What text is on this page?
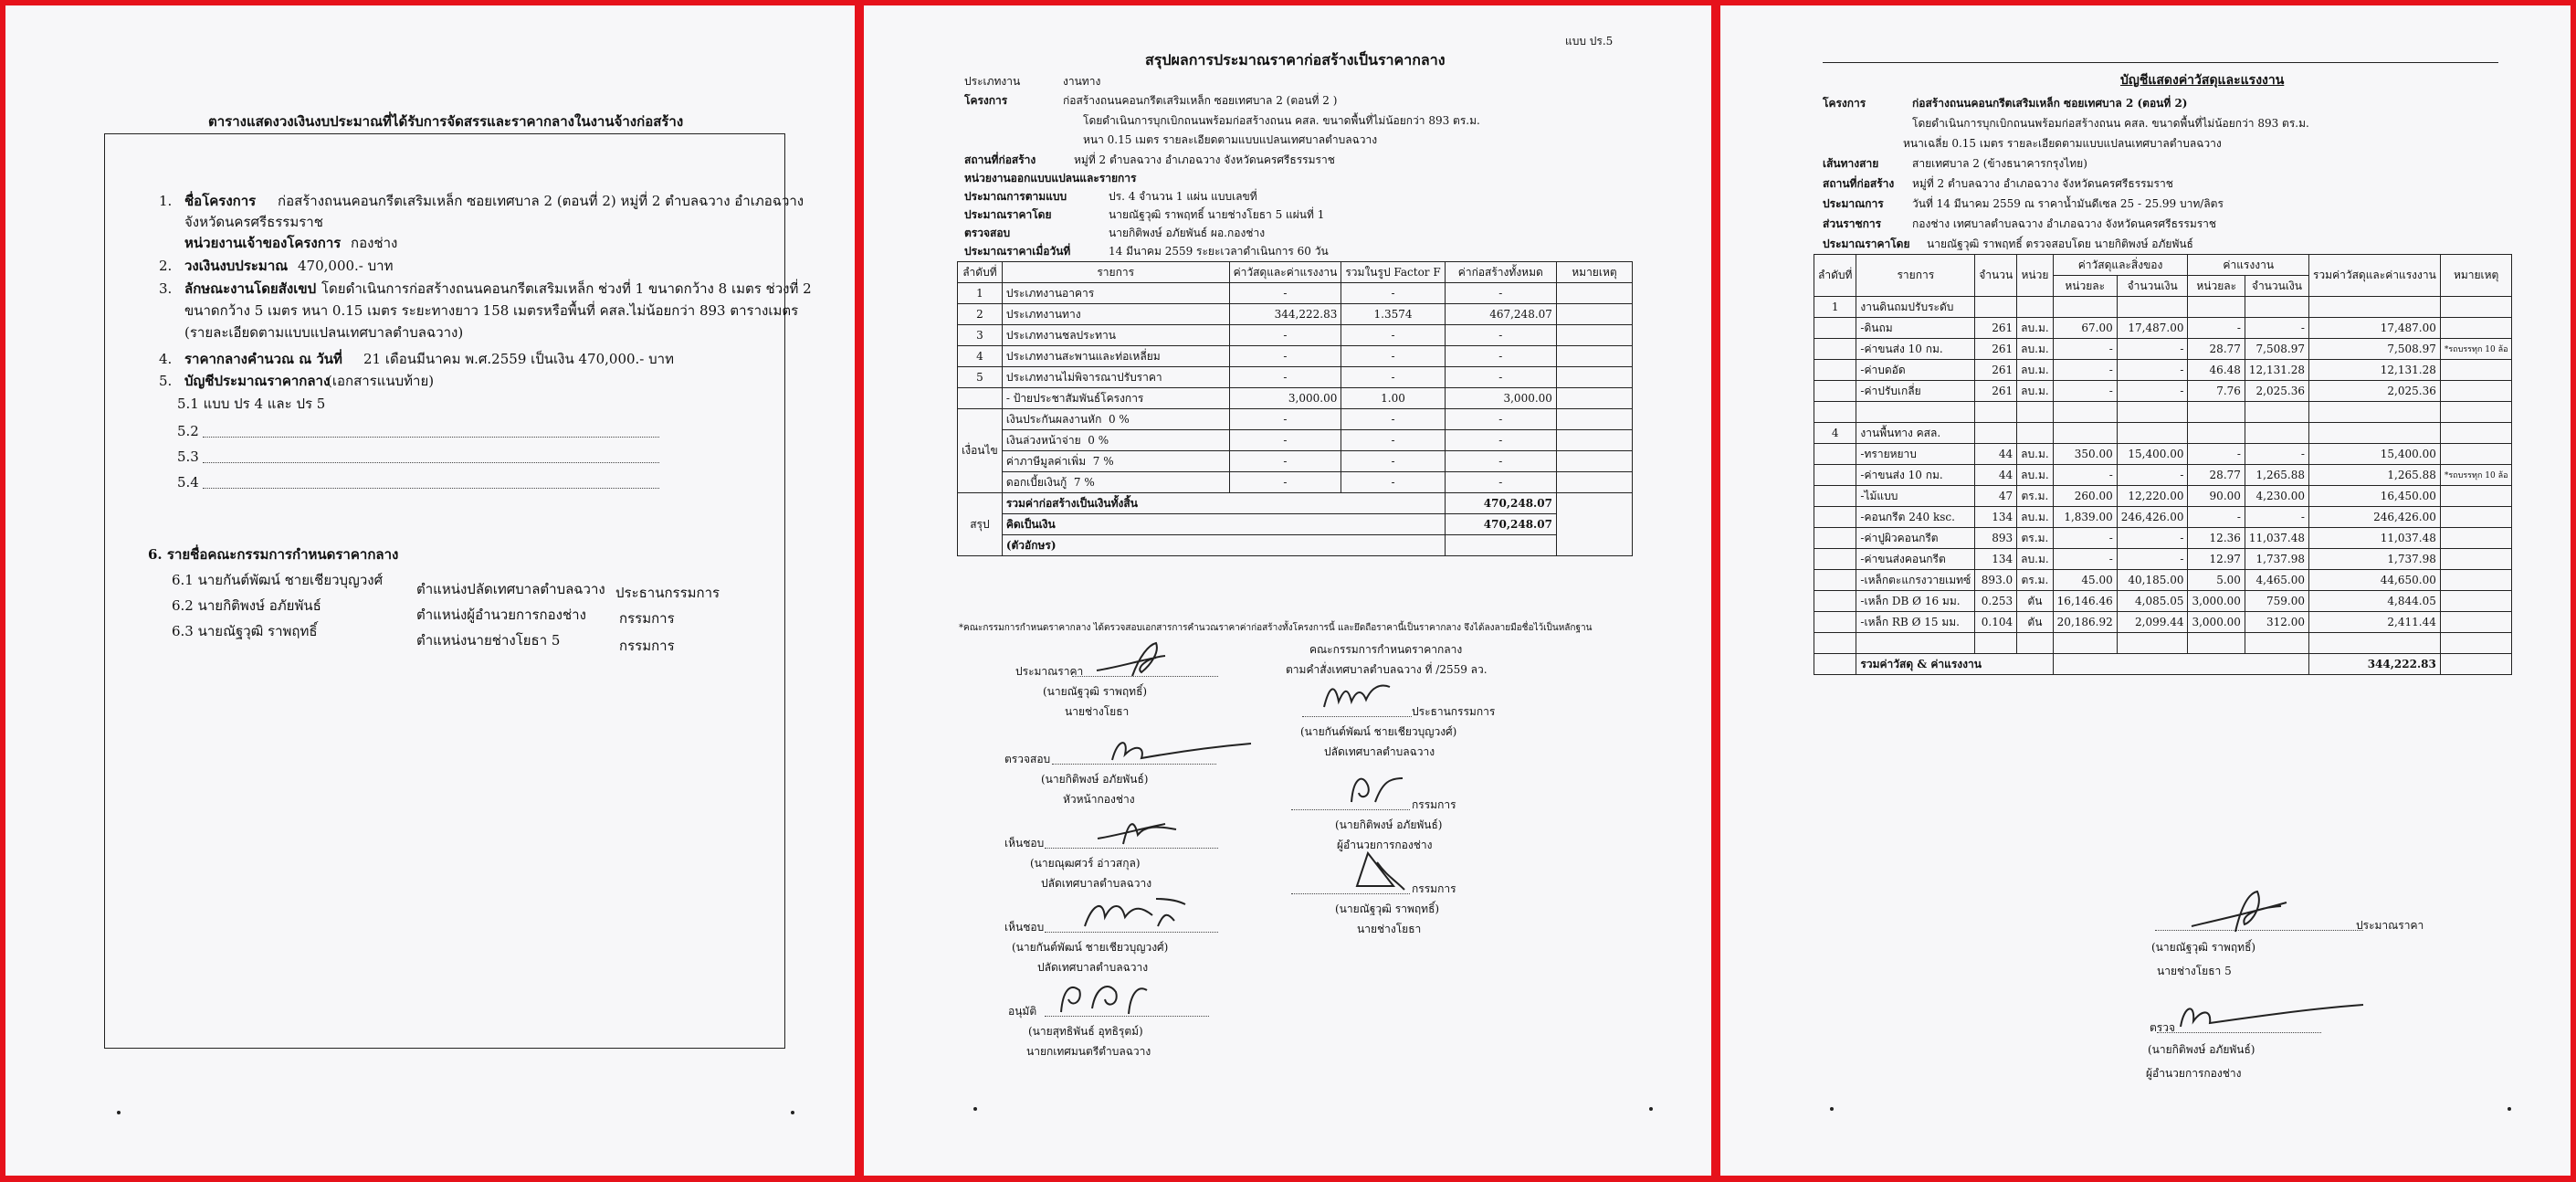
ตารางแสดงวงเงินงบประมาณที่ได้รับการจัดสรรและราคากลางในงานจ้างก่อสร้าง
1. ชื่อโครงการ ก่อสร้างถนนคอนกรีตเสริมเหล็ก ซอยเทศบาล 2 (ตอนที่ 2) หมู่ที่ 2 ตำบลฉวาง อำเภอฉวาง
จังหวัดนครศรีธรรมราช
หน่วยงานเจ้าของโครงการ กองช่าง
2. วงเงินงบประมาณ 470,000.- บาท
3. ลักษณะงานโดยสังเขป โดยดำเนินการก่อสร้างถนนคอนกรีตเสริมเหล็ก ช่วงที่ 1 ขนาดกว้าง 8 เมตร ช่วงที่ 2
ขนาดกว้าง 5 เมตร หนา 0.15 เมตร ระยะทางยาว 158 เมตรหรือพื้นที่ คสล.ไม่น้อยกว่า 893 ตารางเมตร
(รายละเอียดตามแบบแปลนเทศบาลตำบลฉวาง)
4. ราคากลางคำนวณ ณ วันที่ 21 เดือนมีนาคม พ.ศ.2559 เป็นเงิน 470,000.- บาท
5. บัญชีประมาณราคากลาง
(เอกสารแนบท้าย)
5.1 แบบ ปร 4 และ ปร 5
5.2
5.3
5.4
6. รายชื่อคณะกรรมการกำหนดราคากลาง
6.1 นายกันต์พัฒน์ ชายเชียวบุญวงศ์
ตำแหน่งปลัดเทศบาลตำบลฉวาง ประธานกรรมการ
6.2 นายกิติพงษ์ อภัยพันธ์
ตำแหน่งผู้อำนวยการกองช่าง กรรมการ
6.3 นายณัฐวุฒิ ราพฤทธิ์
ตำแหน่งนายช่างโยธา 5	กรรมการ
แบบ ปร.5
สรุปผลการประมาณราคาก่อสร้างเป็นราคากลาง
ประเภทงาน	งานทาง
โครงการ	ก่อสร้างถนนคอนกรีตเสริมเหล็ก ซอยเทศบาล 2 (ตอนที่ 2 )
โดยดำเนินการบุกเบิกถนนพร้อมก่อสร้างถนน คสล. ขนาดพื้นที่ไม่น้อยกว่า 893 ตร.ม.
หนา 0.15 เมตร รายละเอียดตามแบบแปลนเทศบาลตำบลฉวาง
สถานที่ก่อสร้าง	หมู่ที่ 2 ตำบลฉวาง อำเภอฉวาง จังหวัดนครศรีธรรมราช
หน่วยงานออกแบบแปลนและรายการ
ประมาณการตามแบบ	ปร. 4 จำนวน 1 แผ่น แบบเลขที่
ประมาณราคาโดย	นายณัฐวุฒิ ราพฤทธิ์ นายช่างโยธา 5 แผ่นที่ 1
ตรวจสอบ	นายกิติพงษ์ อภัยพันธ์ ผอ.กองช่าง
ประมาณราคาเมื่อวันที่	14 มีนาคม 2559 ระยะเวลาดำเนินการ 60 วัน
ลำดับที่	รายการ	ค่าวัสดุและค่าแรงงาน	รวมในรูป Factor F	ค่าก่อสร้างทั้งหมด	หมายเหตุ
1	ประเภทงานอาคาร	-	-	-	
2	ประเภทงานทาง	344,222.83	1.3574	467,248.07	
3	ประเภทงานชลประทาน	-	-	-	
4	ประเภทงานสะพานและท่อเหลี่ยม	-	-	-	
5	ประเภทงานไม่พิจารณาปรับราคา	-	-	-	
	- ป้ายประชาสัมพันธ์โครงการ	3,000.00	1.00	3,000.00	
เงื่อนไข	เงินประกันผลงานหัก 0 %	-	-	-	
	เงินล่วงหน้าจ่าย 0 %	-	-	-	
	ค่าภาษีมูลค่าเพิ่ม 7 %	-	-	-	
	ดอกเบี้ยเงินกู้ 7 %	-	-	-	
สรุป	รวมค่าก่อสร้างเป็นเงินทั้งสิ้น			470,248.07	
	คิดเป็นเงิน			470,248.07	
	(ตัวอักษร)				
*คณะกรรมการกำหนดราคากลาง ได้ตรวจสอบเอกสารการคำนวณราคาค่าก่อสร้างทั้งโครงการนี้ และยึดถือราคานี้เป็นราคากลาง จึงได้ลงลายมือชื่อไว้เป็นหลักฐาน
คณะกรรมการกำหนดราคากลาง
ตามคำสั่งเทศบาลตำบลฉวาง ที่ /2559 ลว.
ประมาณราคา
(นายณัฐวุฒิ ราพฤทธิ์)
นายช่างโยธา
ตรวจสอบ
(นายกิติพงษ์ อภัยพันธ์)
หัวหน้ากองช่าง
เห็นชอบ
(นายณุฒศวร์ อ่าวสกุล)
ปลัดเทศบาลตำบลฉวาง
เห็นชอบ
(นายกันต์พัฒน์ ชายเชียวบุญวงศ์)
ปลัดเทศบาลตำบลฉวาง
อนุมัติ
(นายสุทธิพันธ์ อุทธิรุตม์)
นายกเทศมนตรีตำบลฉวาง
ประธานกรรมการ
(นายกันต์พัฒน์ ชายเชียวบุญวงศ์)
ปลัดเทศบาลตำบลฉวาง
กรรมการ
(นายกิติพงษ์ อภัยพันธ์)
ผู้อำนวยการกองช่าง
กรรมการ
(นายณัฐวุฒิ ราพฤทธิ์)
นายช่างโยธา
บัญชีแสดงค่าวัสดุและแรงงาน
โครงการ	ก่อสร้างถนนคอนกรีตเสริมเหล็ก ซอยเทศบาล 2 (ตอนที่ 2)
โดยดำเนินการบุกเบิกถนนพร้อมก่อสร้างถนน คสล. ขนาดพื้นที่ไม่น้อยกว่า 893 ตร.ม.
หนาเฉลี่ย 0.15 เมตร รายละเอียดตามแบบแปลนเทศบาลตำบลฉวาง
เส้นทางสาย	สายเทศบาล 2 (ข้างธนาคารกรุงไทย)
สถานที่ก่อสร้าง หมู่ที่ 2 ตำบลฉวาง อำเภอฉวาง จังหวัดนครศรีธรรมราช
ประมาณการ	วันที่ 14 มีนาคม 2559 ณ ราคาน้ำมันดีเซล 25 - 25.99 บาท/ลิตร
ส่วนราชการ	กองช่าง เทศบาลตำบลฉวาง อำเภอฉวาง จังหวัดนครศรีธรรมราช
ประมาณราคาโดย นายณัฐวุฒิ ราพฤทธิ์ ตรวจสอบโดย นายกิติพงษ์ อภัยพันธ์
ลำดับที่	รายการ	จำนวน	หน่วย	ค่าวัสดุและสิ่งของ		ค่าแรงงาน		รวมค่าวัสดุและค่าแรงงาน	หมายเหตุ
				หน่วยละ	จำนวนเงิน	หน่วยละ	จำนวนเงิน		
1	งานดินถมปรับระดับ								
	-ดินถม	261	ลบ.ม.	67.00	17,487.00	-	-	17,487.00	
	-ค่าขนส่ง 10 กม.	261	ลบ.ม.	-	-	28.77	7,508.97	7,508.97	*รถบรรทุก 10 ล้อ
	-ค่าบดอัด	261	ลบ.ม.	-	-	46.48	12,131.28	12,131.28	
	-ค่าปรับเกลี่ย	261	ลบ.ม.	-	-	7.76	2,025.36	2,025.36	

4	งานพื้นทาง คสล.								
	-ทรายหยาบ	44	ลบ.ม.	350.00	15,400.00	-	-	15,400.00	
	-ค่าขนส่ง 10 กม.	44	ลบ.ม.	-	-	28.77	1,265.88	1,265.88	*รถบรรทุก 10 ล้อ
	-ไม้แบบ	47	ตร.ม.	260.00	12,220.00	90.00	4,230.00	16,450.00	
	-คอนกรีต 240 ksc.	134	ลบ.ม.	1,839.00	246,426.00	-	-	246,426.00	
	-ค่าปูผิวคอนกรีต	893	ตร.ม.	-	-	12.36	11,037.48	11,037.48	
	-ค่าขนส่งคอนกรีต	134	ลบ.ม.	-	-	12.97	1,737.98	1,737.98	
	-เหล็กตะแกรงวายเมทซ์	893.0	ตร.ม.	45.00	40,185.00	5.00	4,465.00	44,650.00	
	-เหล็ก DB Ø 16 มม.	0.253	ตัน	16,146.46	4,085.05	3,000.00	759.00	4,844.05	
	-เหล็ก RB Ø 15 มม.	0.104	ตัน	20,186.92	2,099.44	3,000.00	312.00	2,411.44	

	รวมค่าวัสดุ & ค่าแรงงาน							344,222.83	
ประมาณราคา
(นายณัฐวุฒิ ราพฤทธิ์)
นายช่างโยธา 5
ตรวจ
(นายกิติพงษ์ อภัยพันธ์)
ผู้อำนวยการกองช่าง
